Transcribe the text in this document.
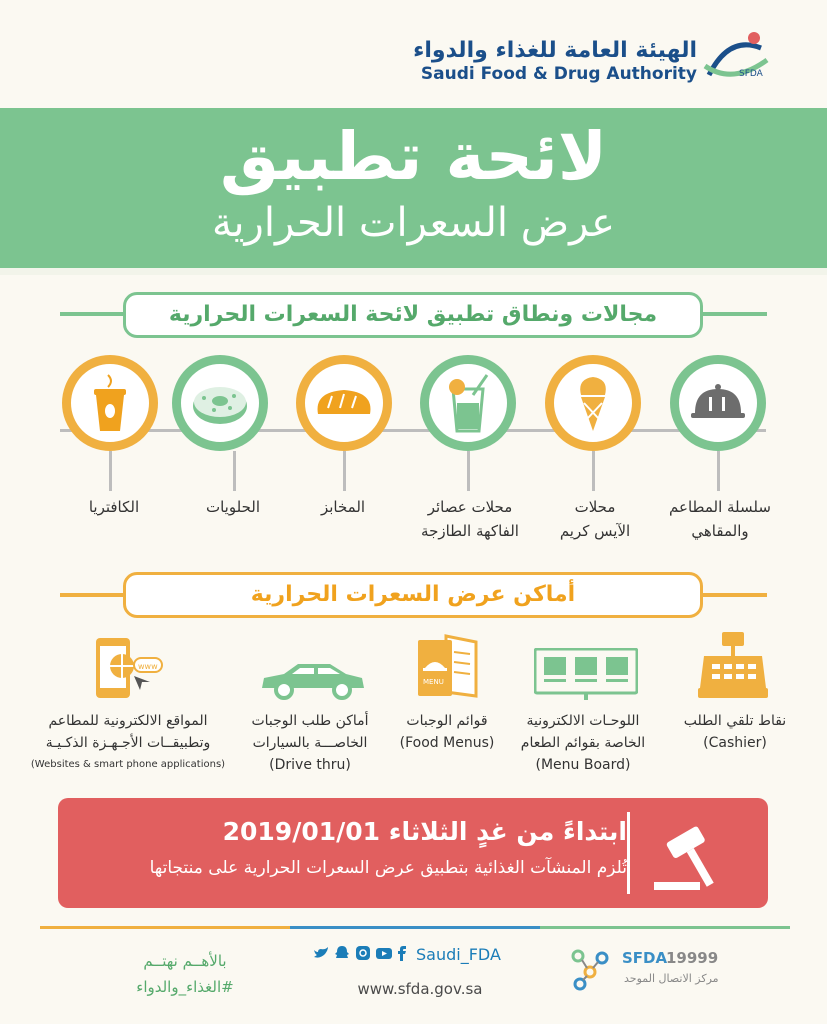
الهيئة العامة للغذاء والدواء
Saudi Food & Drug Authority	SFDA
لائحة تطبيق
عرض السعرات الحرارية
مجالات ونطاق تطبيق لائحة السعرات الحرارية
سلسلة المطاعم
والمقاهي
محلات
الآيس كريم
محلات عصائر
الفاكهة الطازجة
المخابز
الحلويات
الكافتريا
أماكن عرض السعرات الحرارية
MENU
www
نقاط تلقي الطلب
(Cashier)
اللوحـات الالكترونية
الخاصة بقوائم الطعام
(Menu Board)
قوائم الوجبات
(Food Menus)
أماكن طلب الوجبات
الخاصـــة بالسيارات
(Drive thru)
المواقع الالكترونية للمطاعم
وتطبيقــات الأجـهـزة الذكـيـة
(Websites & smart phone applications)
ابتداءً من غدٍ الثلاثاء 2019/01/01
تُلزم المنشآت الغذائية بتطبيق عرض السعرات الحرارية على منتجاتها
بالأهــم نهتــم
#الغذاء_والدواء
Saudi_FDA
www.sfda.gov.sa
SFDA
19999
مركز الاتصال الموحد
